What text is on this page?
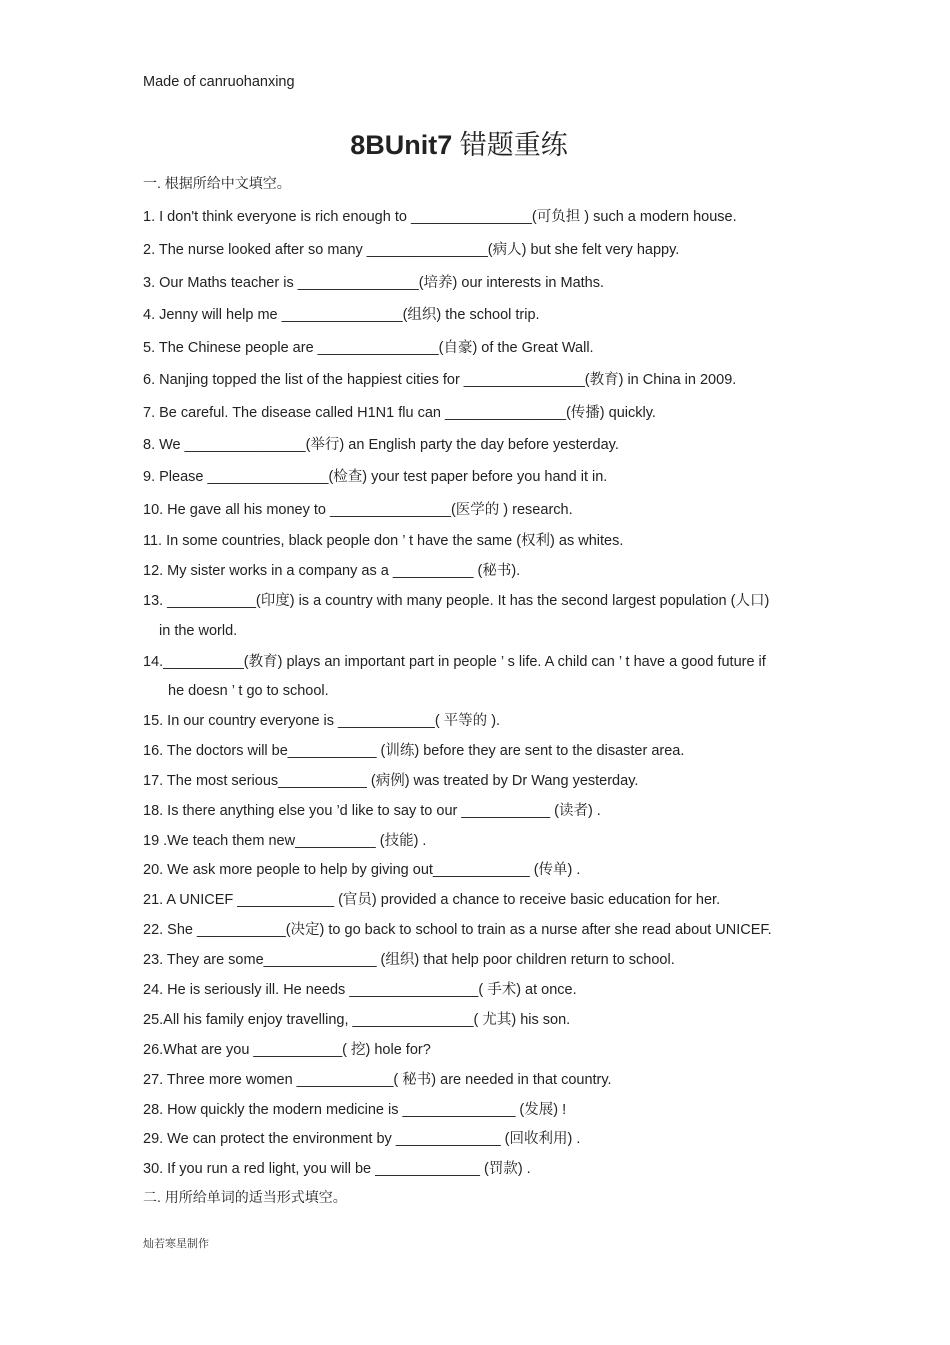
Made of canruohanxing
8BUnit7 错题重练
一. 根据所给中文填空。
1. I don't think everyone is rich enough to _______________(可负担 ) such a modern house.
2. The nurse looked after so many _______________(病人) but she felt very happy.
3. Our Maths teacher is _______________(培养) our interests in Maths.
4. Jenny will help me _______________(组织) the school trip.
5. The Chinese people are _______________(自豪) of the Great Wall.
6. Nanjing topped the list of the happiest cities for _______________(教育) in China in 2009.
7. Be careful. The disease called H1N1 flu can _______________(传播) quickly.
8. We _______________(举行) an English party the day before yesterday.
9. Please _______________(检查) your test paper before you hand it in.
10. He gave all his money to _______________(医学的 ) research.
11. In some countries, black people don ’ t have the same (权利) as whites.
12. My sister works in a company as a __________ (秘书).
13. ___________(印度) is a country with many people. It has the second largest population (人口)
in the world.
14.__________(教育) plays an important part in people ’ s life. A child can ’ t have a good future if
he doesn ’ t go to school.
15. In our country everyone is ____________( 平等的 ).
16. The doctors will be___________ (训练) before they are sent to the disaster area.
17. The most serious___________ (病例) was treated by Dr Wang yesterday.
18. Is there anything else you ’d like to say to our ___________ (读者) .
19 .We teach them new__________ (技能) .
20. We ask more people to help by giving out____________ (传单) .
21. A UNICEF ____________ (官员) provided a chance to receive basic education for her.
22. She ___________(决定) to go back to school to train as a nurse after she read about UNICEF.
23. They are some______________ (组织) that help poor children return to school.
24. He is seriously ill. He needs ________________( 手术) at once.
25.All his family enjoy travelling, _______________( 尤其) his son.
26.What are you ___________( 挖) hole for?
27. Three more women ____________( 秘书) are needed in that country.
28. How quickly the modern medicine is ______________ (发展) !
29. We can protect the environment by _____________ (回收利用) .
30. If you run a red light, you will be _____________ (罚款) .
二. 用所给单词的适当形式填空。
灿若寒星制作
